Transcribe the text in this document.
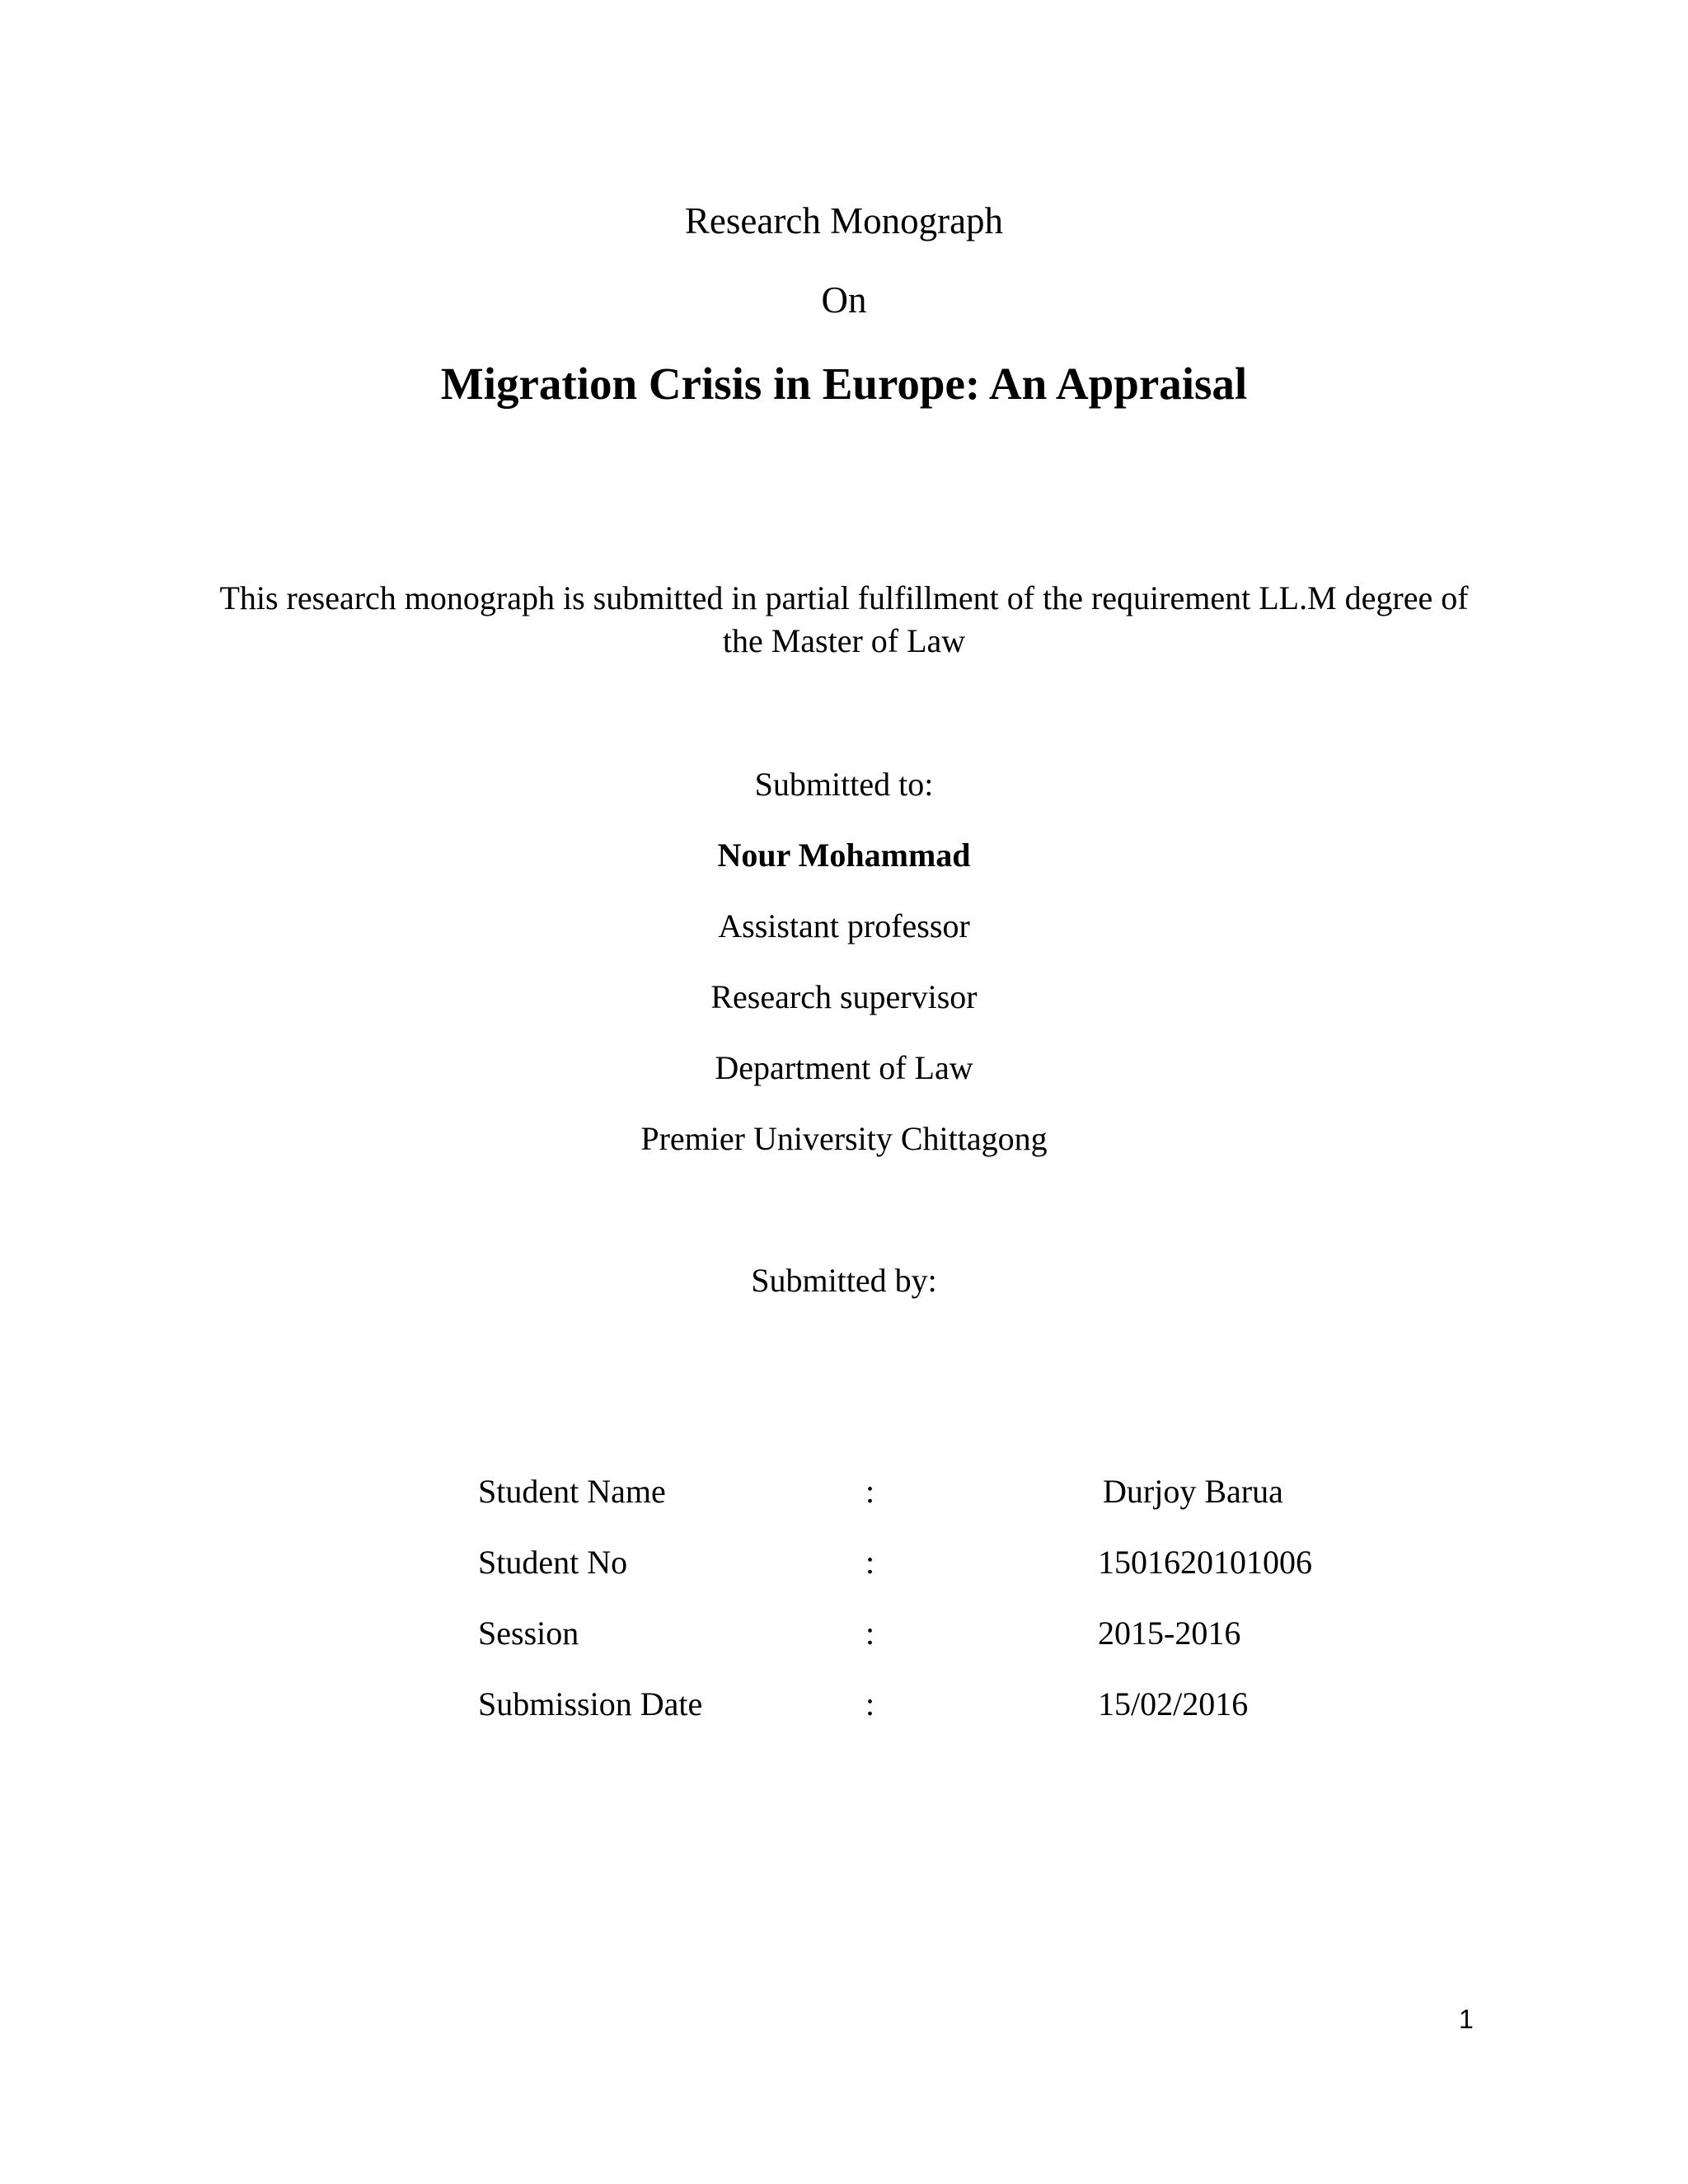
Research Monograph
On
Migration Crisis in Europe: An Appraisal
This research monograph is submitted in partial fulfillment of the requirement LL.M degree of the Master of Law
Submitted to:
Nour Mohammad
Assistant professor
Research supervisor
Department of Law
Premier University Chittagong
Submitted by:
Student Name	:	Durjoy Barua
Student No	:	1501620101006
Session	:	2015-2016
Submission Date	:	15/02/2016
1
